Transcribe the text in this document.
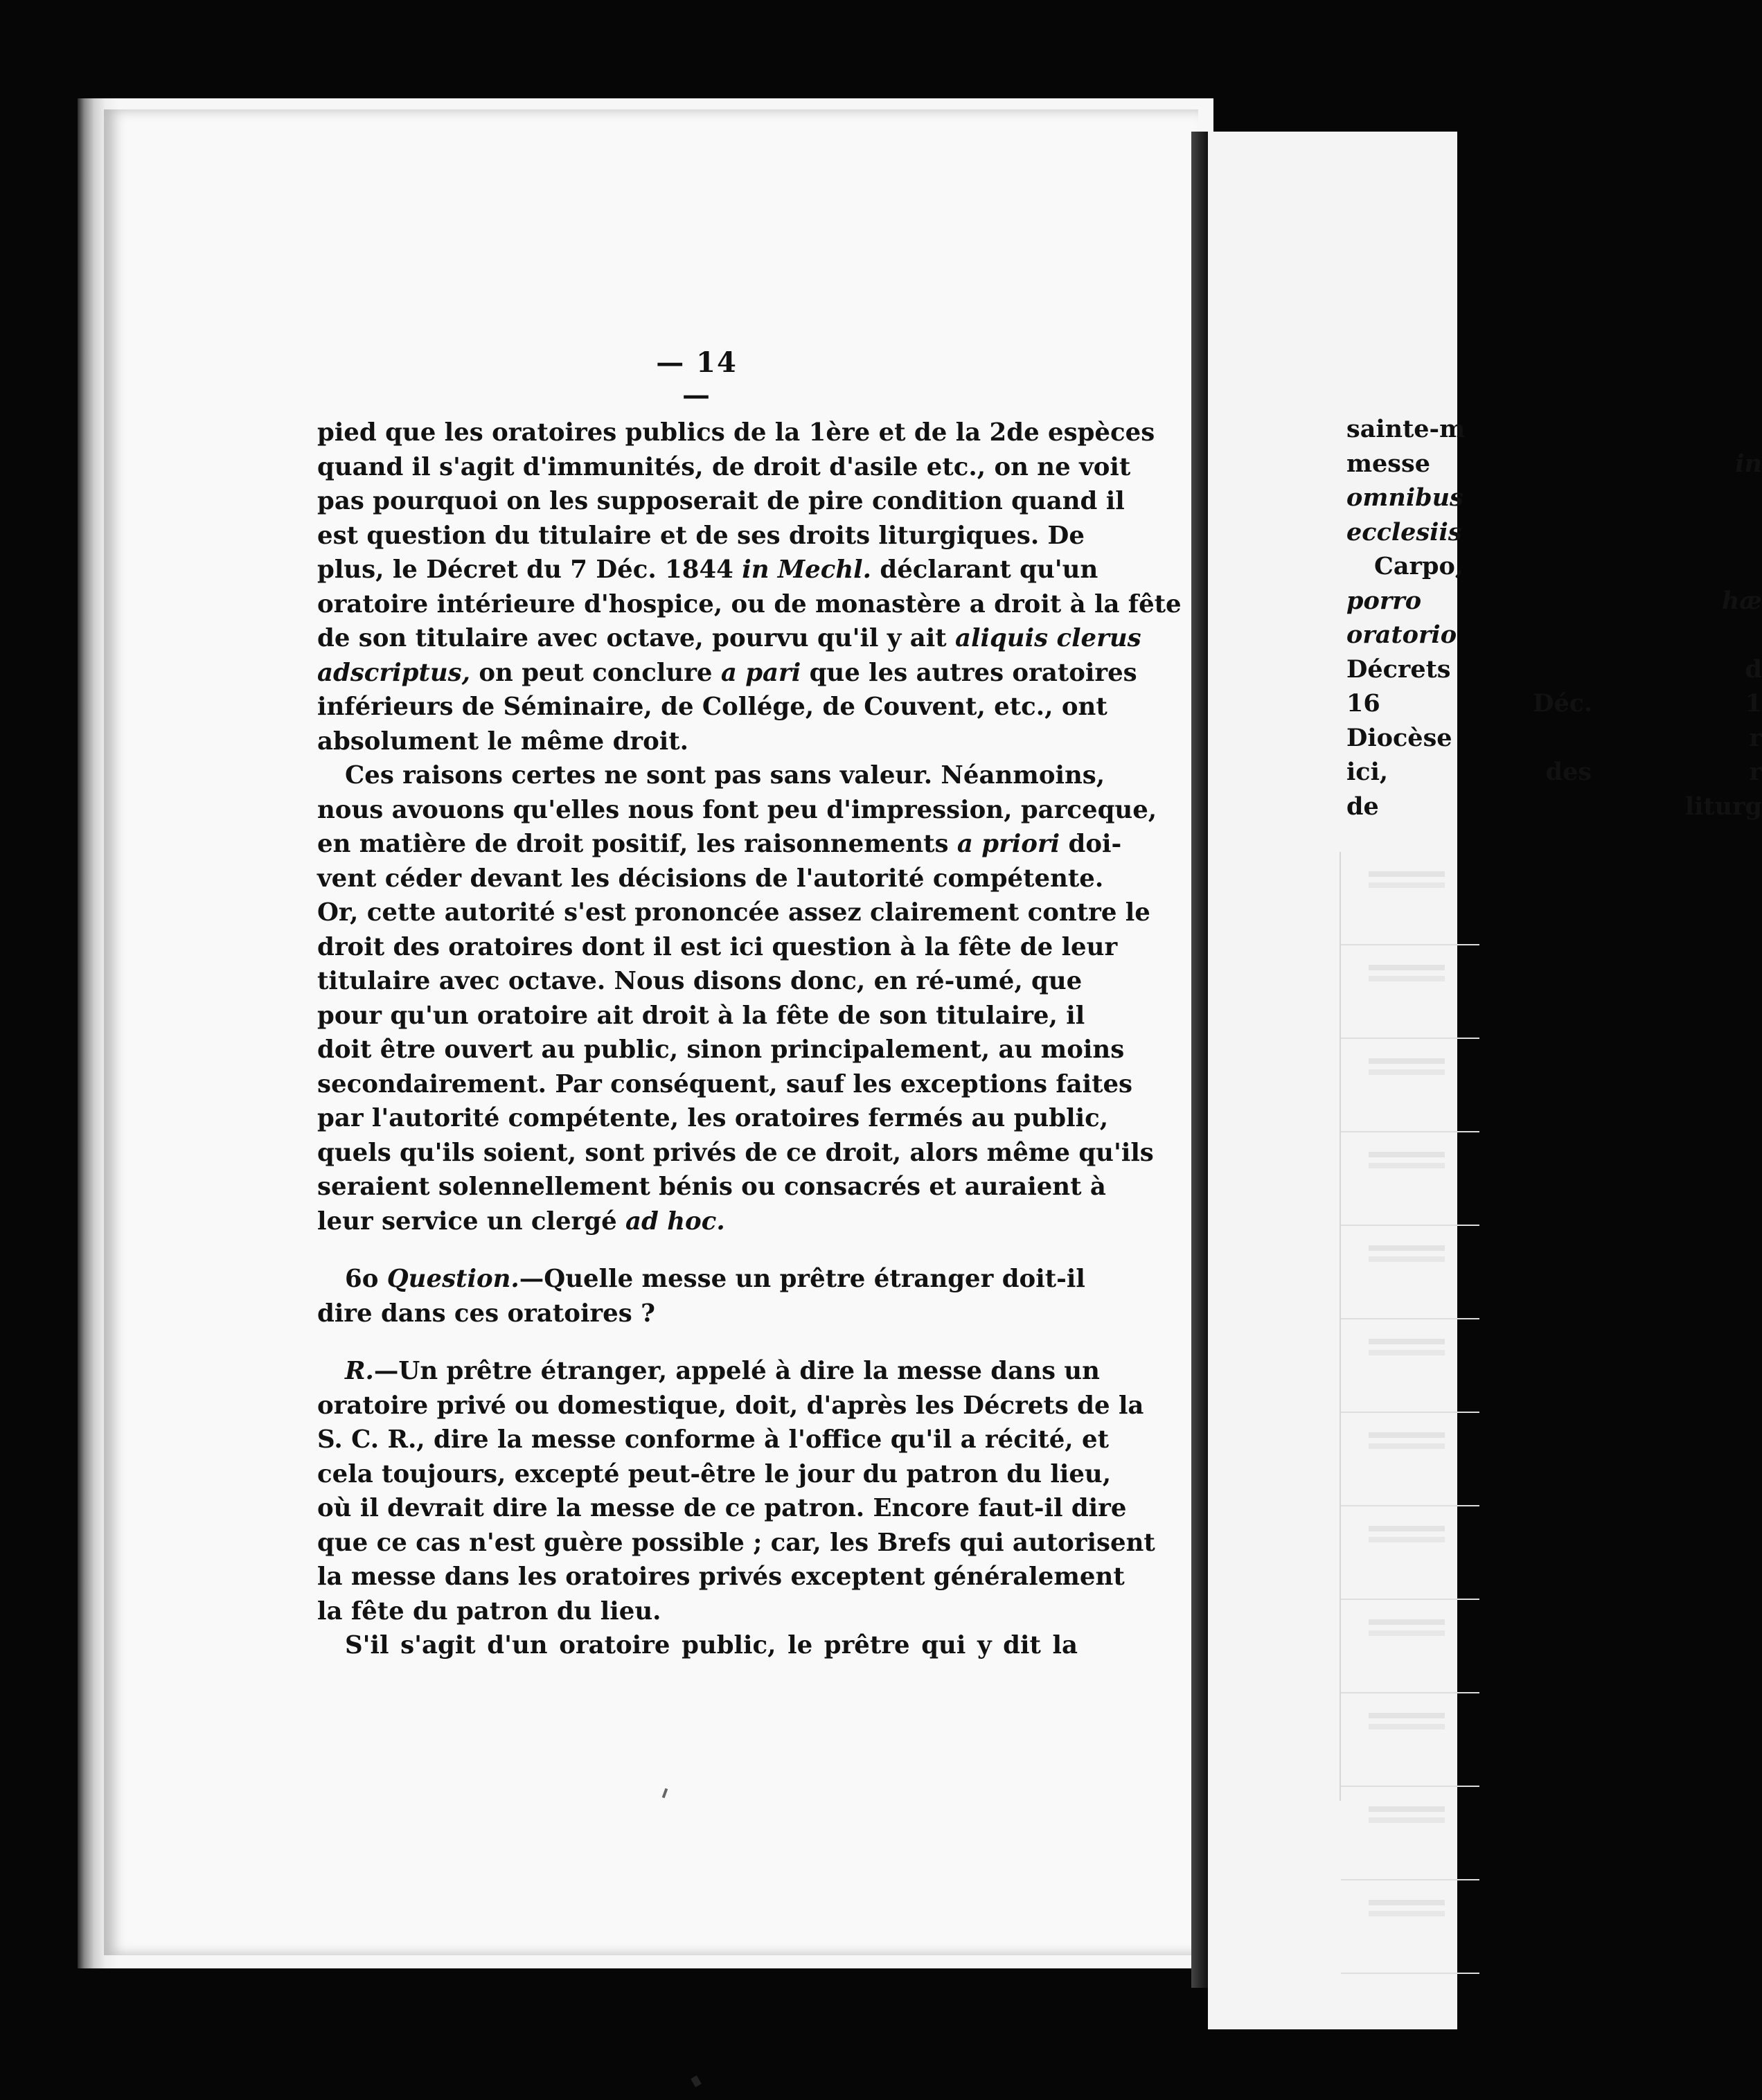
sainte-m
messe in
omnibus
ecclesiis
Carpo,
porro hæ
oratorio
Décrets d
16 Déc. 1
Diocèse r
ici, des r
de liturg
— 14 —
pied que les oratoires publics de la 1ère et de la 2de espèces
quand il s'agit d'immunités, de droit d'asile etc., on ne voit
pas pourquoi on les supposerait de pire condition quand il
est question du titulaire et de ses droits liturgiques. De
plus, le Décret du 7 Déc. 1844 in Mechl. déclarant qu'un
oratoire intérieure d'hospice, ou de monastère a droit à la fête
de son titulaire avec octave, pourvu qu'il y ait aliquis clerus
adscriptus, on peut conclure a pari que les autres oratoires
inférieurs de Séminaire, de Collége, de Couvent, etc., ont
absolument le même droit.
Ces raisons certes ne sont pas sans valeur. Néanmoins,
nous avouons qu'elles nous font peu d'impression, parceque,
en matière de droit positif, les raisonnements a priori doi-
vent céder devant les décisions de l'autorité compétente.
Or, cette autorité s'est prononcée assez clairement contre le
droit des oratoires dont il est ici question à la fête de leur
titulaire avec octave. Nous disons donc, en ré-umé, que
pour qu'un oratoire ait droit à la fête de son titulaire, il
doit être ouvert au public, sinon principalement, au moins
secondairement. Par conséquent, sauf les exceptions faites
par l'autorité compétente, les oratoires fermés au public,
quels qu'ils soient, sont privés de ce droit, alors même qu'ils
seraient solennellement bénis ou consacrés et auraient à
leur service un clergé ad hoc.
6o Question.—Quelle messe un prêtre étranger doit-il
dire dans ces oratoires ?
R.—Un prêtre étranger, appelé à dire la messe dans un
oratoire privé ou domestique, doit, d'après les Décrets de la
S. C. R., dire la messe conforme à l'office qu'il a récité, et
cela toujours, excepté peut-être le jour du patron du lieu,
où il devrait dire la messe de ce patron. Encore faut-il dire
que ce cas n'est guère possible ; car, les Brefs qui autorisent
la messe dans les oratoires privés exceptent généralement
la fête du patron du lieu.
S'il s'agit d'un oratoire public, le prêtre qui y dit la
